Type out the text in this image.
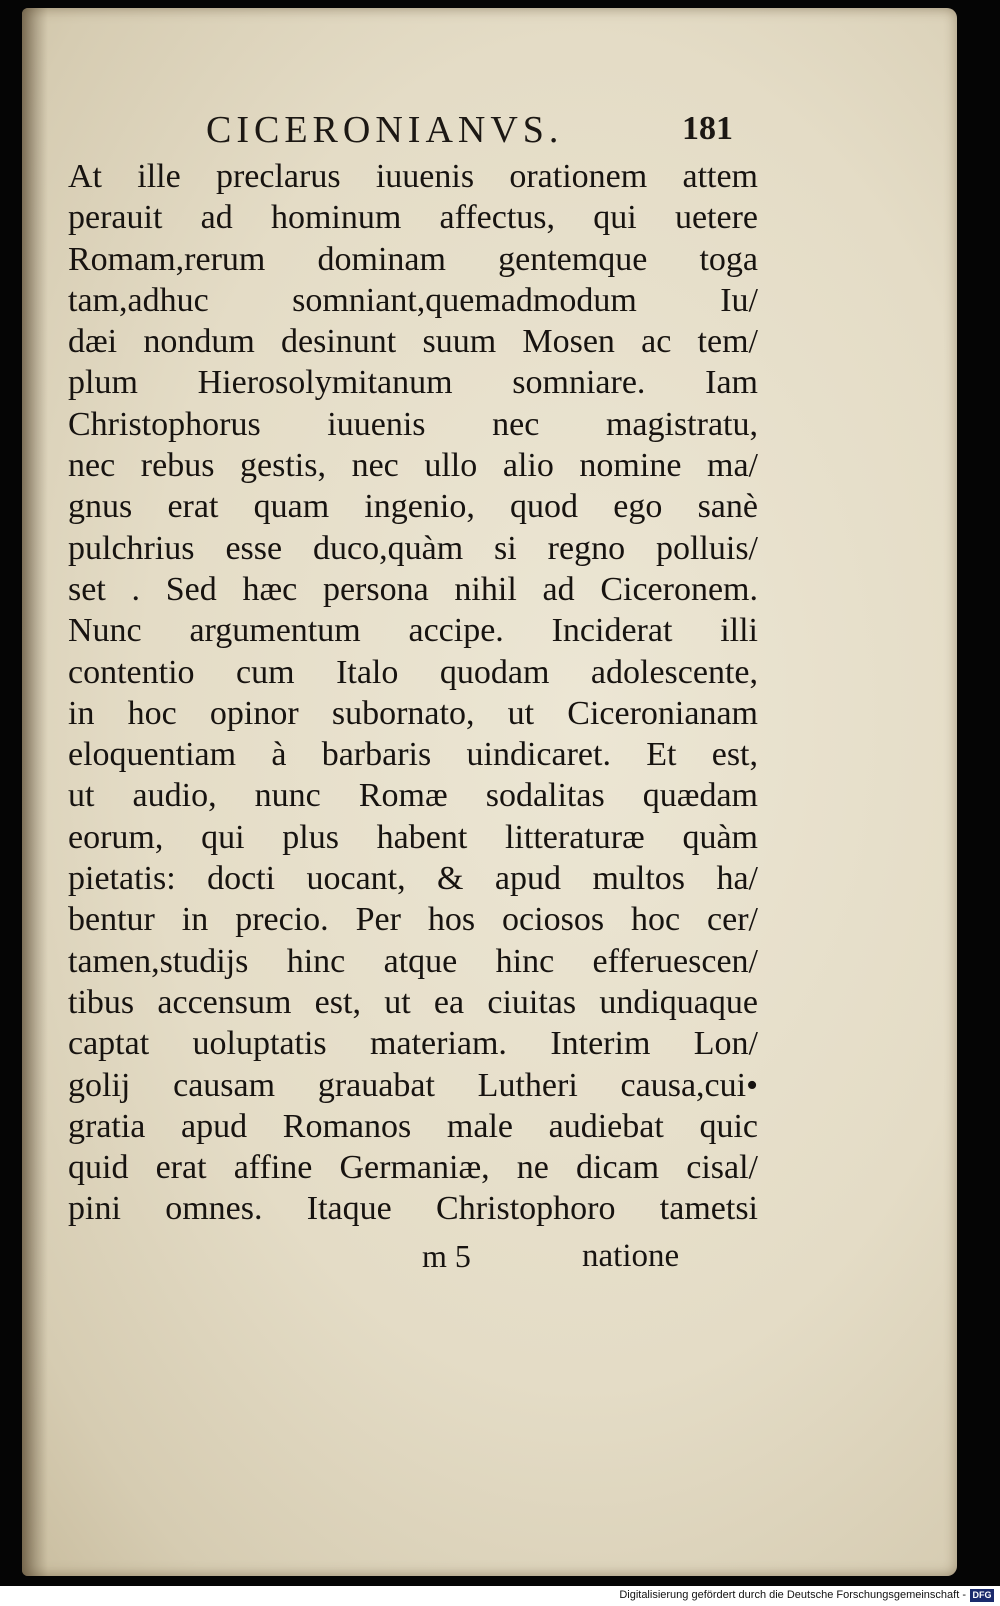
CICERONIANVS.	181
At ille preclarus iuuenis orationem attem
perauit ad hominum affectus, qui uetere
Romam,rerum dominam gentemque toga
tam,adhuc somniant,quemadmodum Iu/
dæi nondum desinunt suum Mosen ac tem/
plum Hierosolymitanum somniare. Iam
Christophorus iuuenis nec magistratu,
nec rebus gestis, nec ullo alio nomine ma/
gnus erat quam ingenio, quod ego sanè
pulchrius esse duco,quàm si regno polluis/
set . Sed hæc persona nihil ad Ciceronem.
Nunc argumentum accipe. Inciderat illi
contentio cum Italo quodam adolescente,
in hoc opinor subornato, ut Ciceronianam
eloquentiam à barbaris uindicaret. Et est,
ut audio, nunc Romæ sodalitas quædam
eorum, qui plus habent litteraturæ quàm
pietatis: docti uocant, & apud multos ha/
bentur in precio. Per hos ociosos hoc cer/
tamen,studijs hinc atque hinc efferuescen/
tibus accensum est, ut ea ciuitas undiquaque
captat uoluptatis materiam. Interim Lon/
golij causam grauabat Lutheri causa,cui•
gratia apud Romanos male audiebat quic
quid erat affine Germaniæ, ne dicam cisal/
pini omnes. Itaque Christophoro tametsi
m 5	natione
Digitalisierung gefördert durch die Deutsche Forschungsgemeinschaft - DFG
